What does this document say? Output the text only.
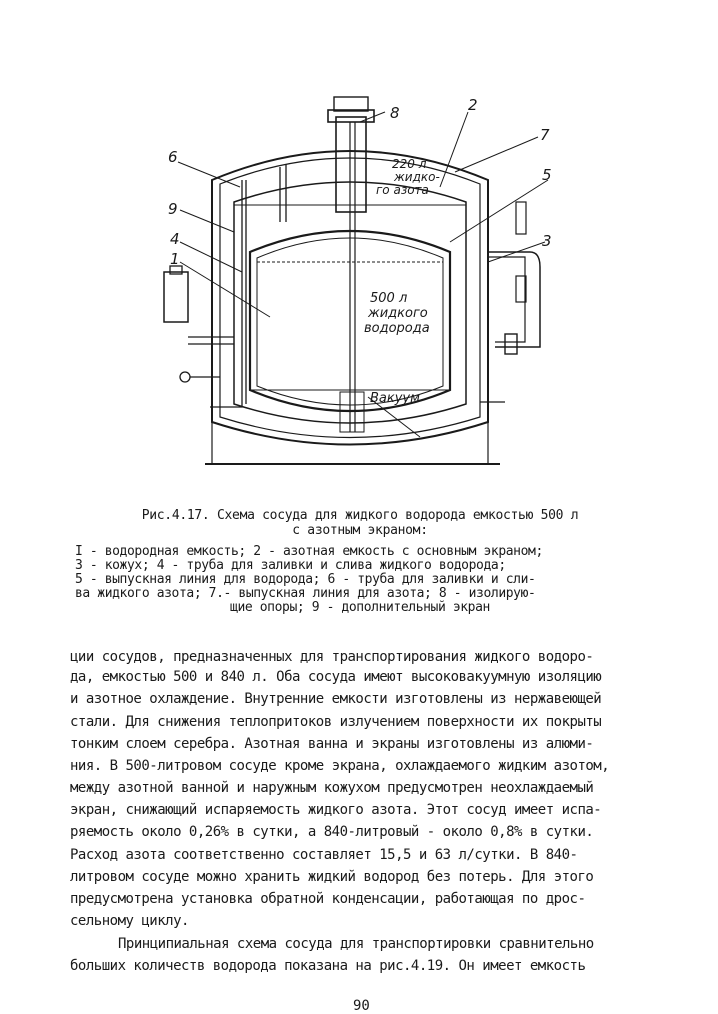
8	2
7
6
5
9
4	3
1
220 л
жидко-
го азота
500 л
жидкого
водорода
Вакуум
Рис.4.17. Схема сосуда для жидкого водорода емкостью 500 л
с азотным экраном:
I - водородная емкость; 2 - азотная емкость с основным экраном;
3 - кожух; 4 - труба для заливки и слива жидкого водорода;
5 - выпускная линия для водорода; 6 - труба для заливки и сли-
ва жидкого азота; 7.- выпускная линия для азота; 8 - изолирую-
щие опоры; 9 - дополнительный экран
ции сосудов, предназначенных для транспортирования жидкого водоро-
да, емкостью 500 и 840 л. Оба сосуда имеют высоковакуумную изоляцию
и азотное охлаждение. Внутренние емкости изготовлены из нержавеющей
стали. Для снижения теплопритоков излучением поверхности их покрыты
тонким слоем серебра. Азотная ванна и экраны изготовлены из алюми-
ния. В 500-литровом сосуде кроме экрана, охлаждаемого жидким азотом,
между азотной ванной и наружным кожухом предусмотрен неохлаждаемый
экран, снижающий испаряемость жидкого азота. Этот сосуд имеет испа-
ряемость около 0,26% в сутки, а 840-литровый - около 0,8% в сутки.
Расход азота соответственно составляет 15,5 и 63 л/сутки. В 840-
литровом сосуде можно хранить жидкий водород без потерь. Для этого
предусмотрена установка обратной конденсации, работающая по дрос-
сельному циклу.
Принципиальная схема сосуда для транспортировки сравнительно
больших количеств водорода показана на рис.4.19. Он имеет емкость
90
